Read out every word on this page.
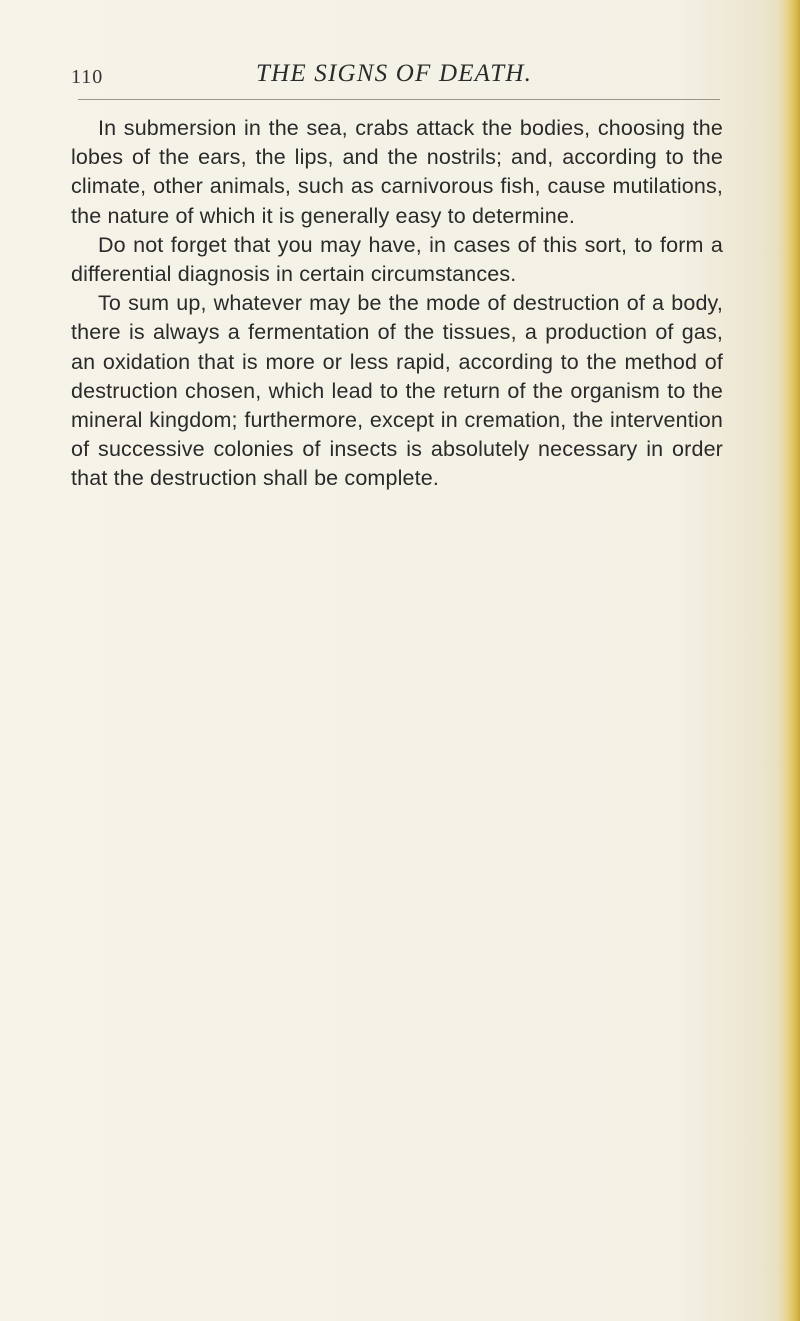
110	THE SIGNS OF DEATH.

In submersion in the sea, crabs attack the bodies, choosing the lobes of the ears, the lips, and the nostrils; and, according to the climate, other animals, such as carnivorous fish, cause mutilations, the nature of which it is generally easy to determine.

Do not forget that you may have, in cases of this sort, to form a differential diagnosis in certain circumstances.

To sum up, whatever may be the mode of destruction of a body, there is always a fermentation of the tissues, a production of gas, an oxidation that is more or less rapid, according to the method of destruction chosen, which lead to the return of the organism to the mineral kingdom; furthermore, except in cremation, the intervention of successive colonies of insects is absolutely necessary in order that the destruction shall be complete.
